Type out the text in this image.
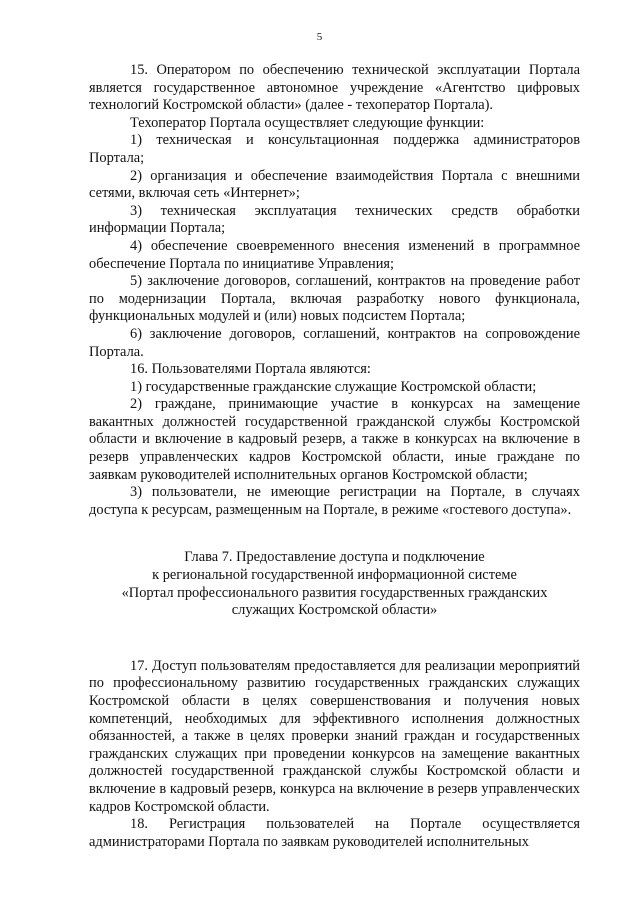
5

15. Оператором по обеспечению технической эксплуатации Портала является государственное автономное учреждение «Агентство цифровых технологий Костромской области» (далее - техоператор Портала).

Техоператор Портала осуществляет следующие функции:

1) техническая и консультационная поддержка администраторов Портала;

2) организация и обеспечение взаимодействия Портала с внешними сетями, включая сеть «Интернет»;

3) техническая эксплуатация технических средств обработки информации Портала;

4) обеспечение своевременного внесения изменений в программное обеспечение Портала по инициативе Управления;

5) заключение договоров, соглашений, контрактов на проведение работ по модернизации Портала, включая разработку нового функционала, функциональных модулей и (или) новых подсистем Портала;

6) заключение договоров, соглашений, контрактов на сопровождение Портала.

16. Пользователями Портала являются:

1) государственные гражданские служащие Костромской области;

2) граждане, принимающие участие в конкурсах на замещение вакантных должностей государственной гражданской службы Костромской области и включение в кадровый резерв, а также в конкурсах на включение в резерв управленческих кадров Костромской области, иные граждане по заявкам руководителей исполнительных органов Костромской области;

3) пользователи, не имеющие регистрации на Портале, в случаях доступа к ресурсам, размещенным на Портале, в режиме «гостевого доступа».

Глава 7. Предоставление доступа и подключение
к региональной государственной информационной системе
«Портал профессионального развития государственных гражданских
служащих Костромской области»

17. Доступ пользователям предоставляется для реализации мероприятий по профессиональному развитию государственных гражданских служащих Костромской области в целях совершенствования и получения новых компетенций, необходимых для эффективного исполнения должностных обязанностей, а также в целях проверки знаний граждан и государственных гражданских служащих при проведении конкурсов на замещение вакантных должностей государственной гражданской службы Костромской области и включение в кадровый резерв, конкурса на включение в резерв управленческих кадров Костромской области.

18. Регистрация пользователей на Портале осуществляется администраторами Портала по заявкам руководителей исполнительных
